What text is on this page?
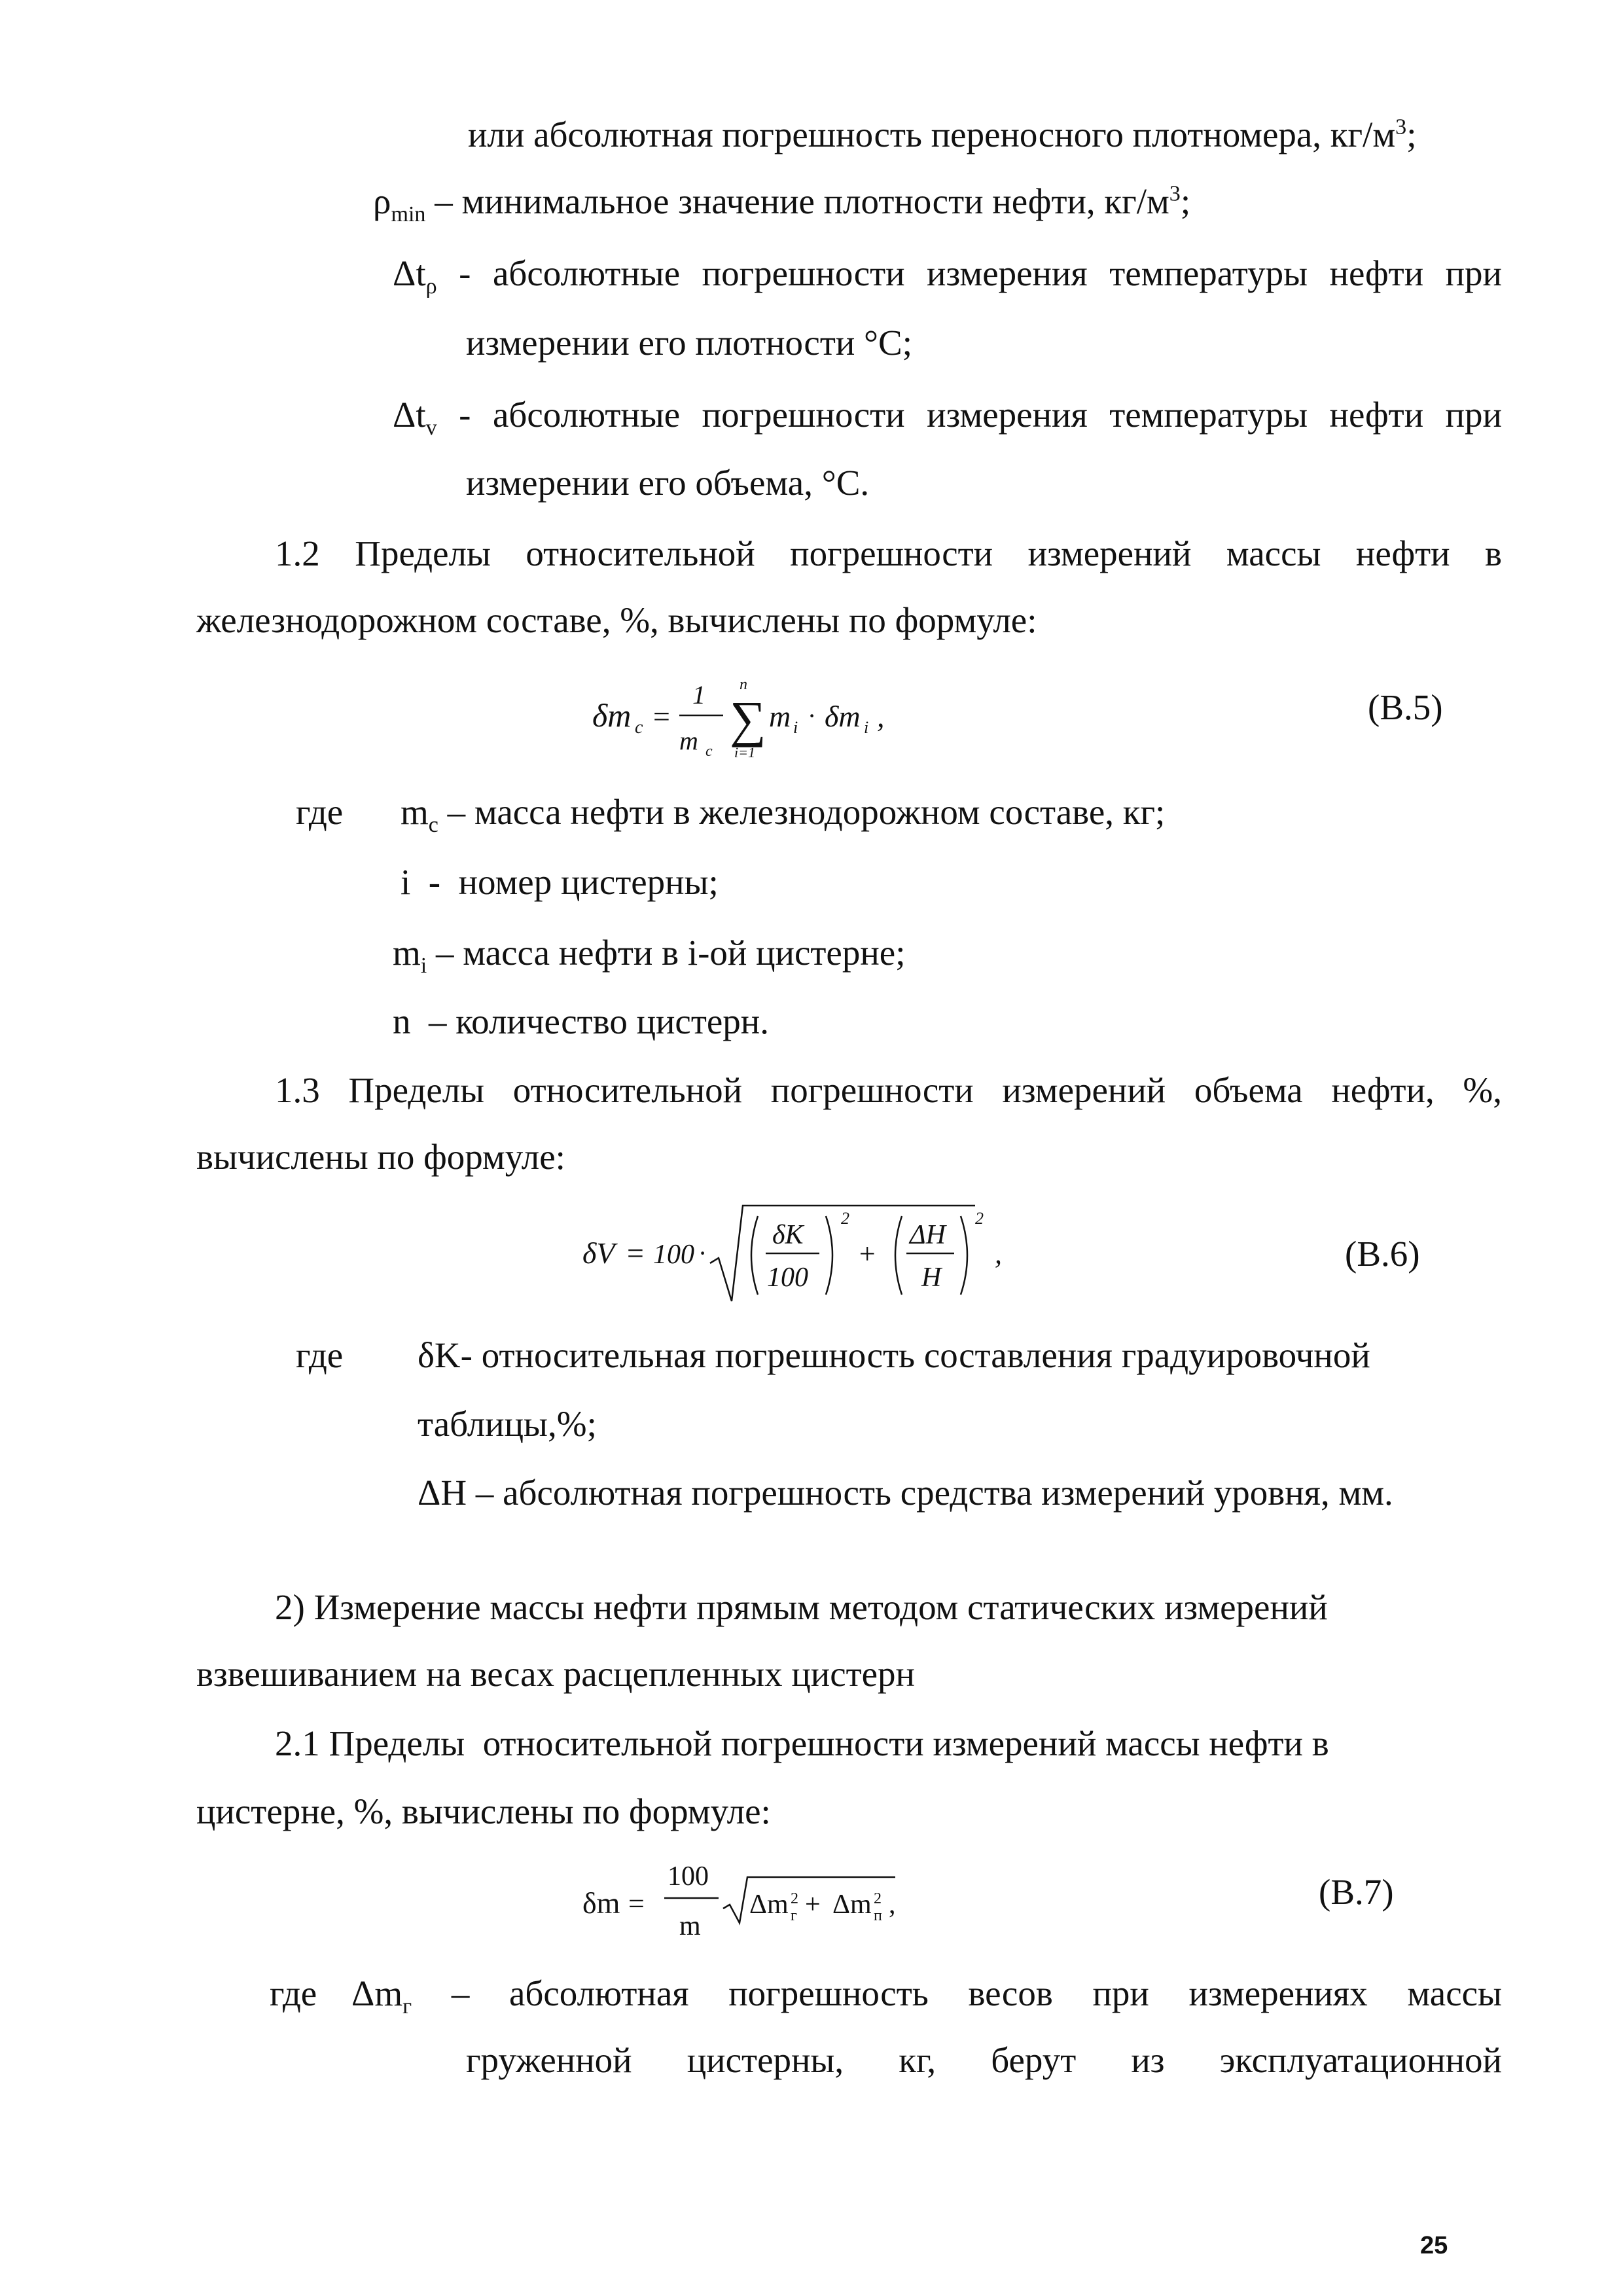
или абсолютная погрешность переносного плотномера, $кг/м^3$;
$\rho_{min}$ – минимальное значение плотности нефти, $кг/м^3$;
$\Delta t_\rho$ - абсолютные погрешности измерения температуры нефти при
измерении его плотности °С;
$\Delta t_v$ - абсолютные погрешности измерения температуры нефти при
измерении его объема, °С.
1.2 Пределы относительной погрешности измерений массы нефти в
железнодорожном составе, %, вычислены по формуле:
δm c =
1
m c
∑
n
i=1
m i · δm i ,	(В.5)
где $m_c$ – масса нефти в железнодорожном составе, кг;
i  -  номер цистерны;
$m_i$ – масса нефти в i-ой цистерне;
n  – количество цистерн.
1.3 Пределы относительной погрешности измерений объема нефти, %,
вычислены по формуле:
δV = 100 ·
δK
100
2
+
ΔH
H
2
,	(В.6)
где δK- относительная погрешность составления градуировочной
таблицы,%;
ΔH – абсолютная погрешность средства измерений уровня, мм.
2) Измерение массы нефти прямым методом статических измерений
взвешиванием на весах расцепленных цистерн
2.1 Пределы  относительной погрешности измерений массы нефти в
цистерне, %, вычислены по формуле:
δm =
100
m
Δm 2
г + Δm 2
п ,	(В.7)
где $\Delta m_г$ – абсолютная погрешность весов при измерениях массы
груженной цистерны, кг, берут из эксплуатационной
25
